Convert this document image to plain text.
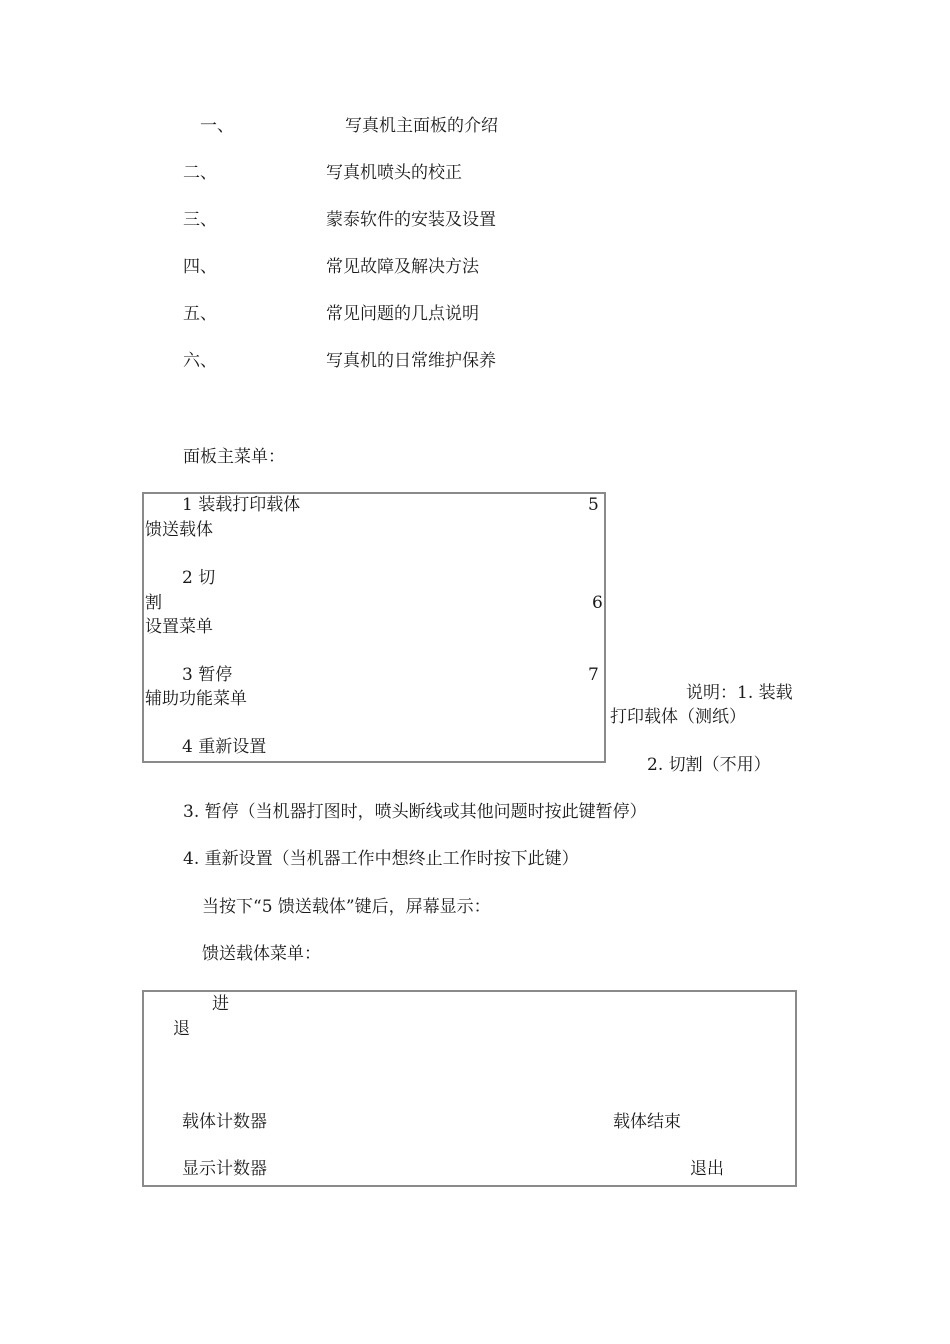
一、	写真机主面板的介绍
二、	写真机喷头的校正
三、	蒙泰软件的安装及设置
四、	常见故障及解决方法
五、	常见问题的几点说明
六、	写真机的日常维护保养
面板主菜单：
1 装载打印载体	5
馈送载体
2 切
割	6
设置菜单
3 暂停	7
辅助功能菜单
4 重新设置
说明：1. 装载
打印载体（测纸）
2. 切割（不用）
3. 暂停（当机器打图时，喷头断线或其他问题时按此键暂停）
4. 重新设置（当机器工作中想终止工作时按下此键）
当按下“5 馈送载体”键后，屏幕显示：
馈送载体菜单：
进
退
载体计数器	载体结束
显示计数器	退出
